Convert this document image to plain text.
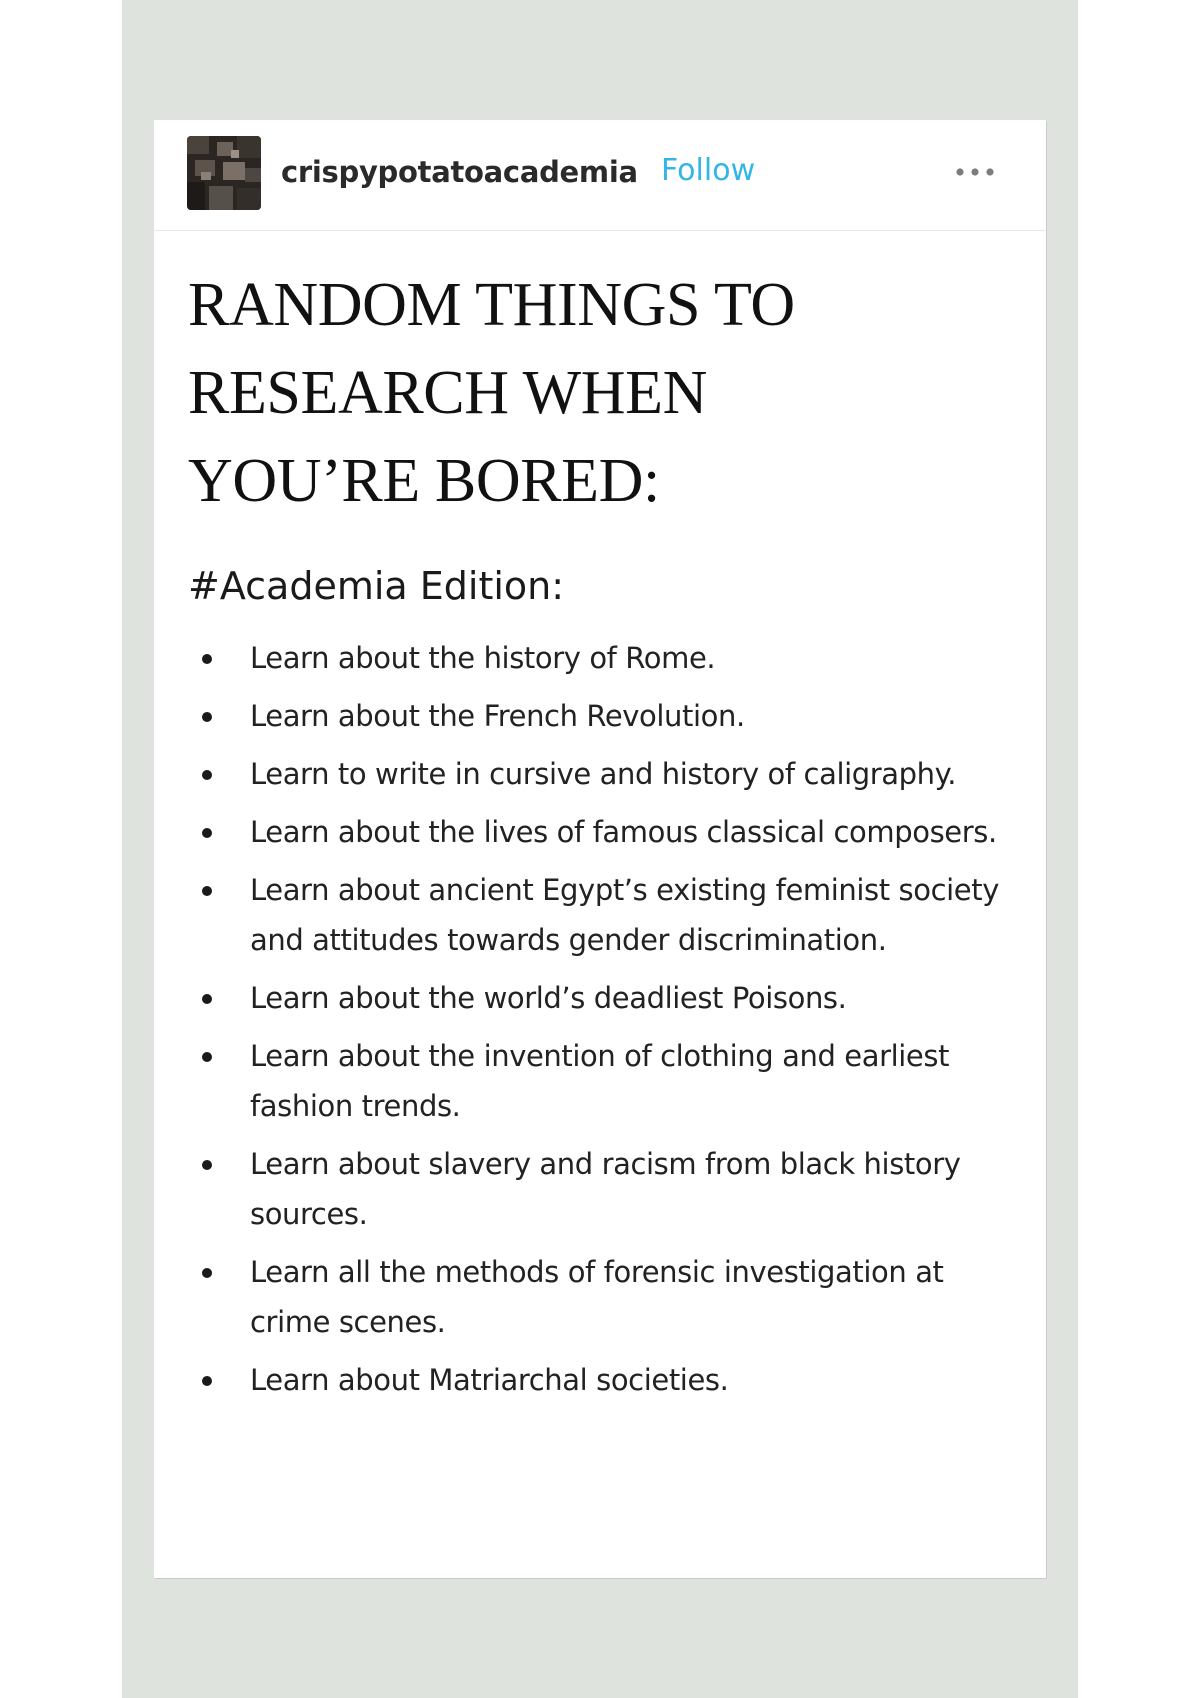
crispypotatoacademia Follow
RANDOM THINGS TO
RESEARCH WHEN
YOU’RE BORED:
#Academia Edition:
Learn about the history of Rome.
Learn about the French Revolution.
Learn to write in cursive and history of caligraphy.
Learn about the lives of famous classical composers.
Learn about ancient Egypt’s existing feminist society and attitudes towards gender discrimination.
Learn about the world’s deadliest Poisons.
Learn about the invention of clothing and earliest fashion trends.
Learn about slavery and racism from black history sources.
Learn all the methods of forensic investigation at crime scenes.
Learn about Matriarchal societies.
